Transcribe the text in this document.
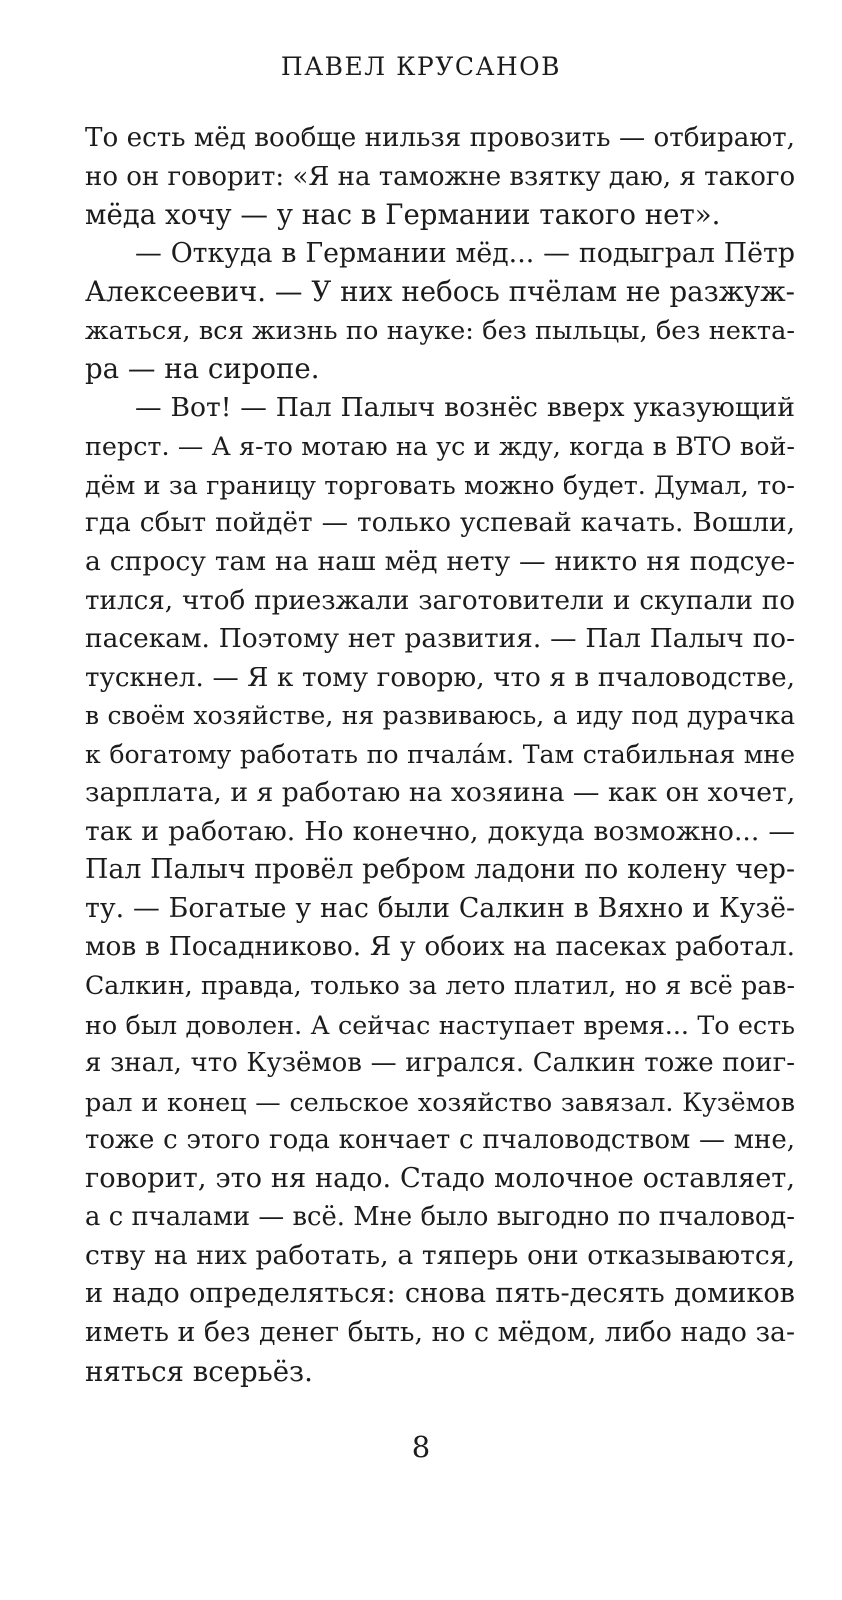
ПАВЕЛ КРУСАНОВ
То есть мёд вообще нильзя провозить — отбирают,
но он говорит: «Я на таможне взятку даю, я такого
мёда хочу — у нас в Германии такого нет».
— Откуда в Германии мёд... — подыграл Пётр
Алексеевич. — У них небось пчёлам не разжуж-
жаться, вся жизнь по науке: без пыльцы, без некта-
ра — на сиропе.
— Вот! — Пал Палыч вознёс вверх указующий
перст. — А я-то мотаю на ус и жду, когда в ВТО вой-
дём и за границу торговать можно будет. Думал, то-
гда сбыт пойдёт — только успевай качать. Вошли,
а спросу там на наш мёд нету — никто ня подсуе-
тился, чтоб приезжали заготовители и скупали по
пасекам. Поэтому нет развития. — Пал Палыч по-
тускнел. — Я к тому говорю, что я в пчаловодстве,
в своём хозяйстве, ня развиваюсь, а иду под дурачка
к богатому работать по пчала́м. Там стабильная мне
зарплата, и я работаю на хозяина — как он хочет,
так и работаю. Но конечно, докуда возможно... —
Пал Палыч провёл ребром ладони по колену чер-
ту. — Богатые у нас были Салкин в Вяхно и Кузё-
мов в Посадниково. Я у обоих на пасеках работал.
Салкин, правда, только за лето платил, но я всё рав-
но был доволен. А сейчас наступает время... То есть
я знал, что Кузёмов — игрался. Салкин тоже поиг-
рал и конец — сельское хозяйство завязал. Кузёмов
тоже с этого года кончает с пчаловодством — мне,
говорит, это ня надо. Стадо молочное оставляет,
а с пчалами — всё. Мне было выгодно по пчаловод-
ству на них работать, а тяперь они отказываются,
и надо определяться: снова пять-десять домиков
иметь и без денег быть, но с мёдом, либо надо за-
няться всерьёз.
8
